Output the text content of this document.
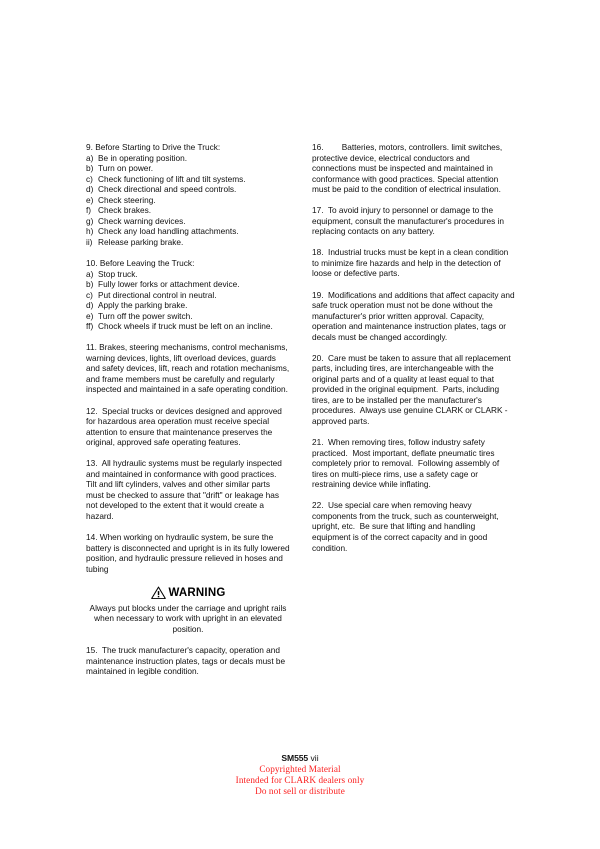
9. Before Starting to Drive the Truck:
a) Be in operating position.
b) Turn on power.
c) Check functioning of lift and tilt systems.
d) Check directional and speed controls.
e) Check steering.
f) Check brakes.
g) Check warning devices.
h) Check any load handling attachments.
ii) Release parking brake.
10. Before Leaving the Truck:
a) Stop truck.
b) Fully lower forks or attachment device.
c) Put directional control in neutral.
d) Apply the parking brake.
e) Turn off the power switch.
ff) Chock wheels if truck must be left on an incline.

11. Brakes, steering mechanisms, control mechanisms, warning devices, lights, lift overload devices, guards and safety devices, lift, reach and rotation mechanisms, and frame members must be carefully and regularly inspected and maintained in a safe operating condition.

12.  Special trucks or devices designed and approved for hazardous area operation must receive special attention to ensure that maintenance preserves the original, approved safe operating features.

13.  All hydraulic systems must be regularly inspected and maintained in conformance with good practices.  Tilt and lift cylinders, valves and other similar parts must be checked to assure that "drift" or leakage has not developed to the extent that it would create a hazard.

14. When working on hydraulic system, be sure the battery is disconnected and upright is in its fully lowered position, and hydraulic pressure relieved in hoses and tubing

WARNING
Always put blocks under the carriage and upright rails when necessary to work with upright in an elevated position.

15.  The truck manufacturer's capacity, operation and maintenance instruction plates, tags or decals must be maintained in legible condition.

16.        Batteries, motors, controllers. limit switches, protective device, electrical conductors and connections must be inspected and maintained in conformance with good practices. Special attention must be paid to the condition of electrical insulation.

17.  To avoid injury to personnel or damage to the equipment, consult the manufacturer's procedures in  replacing contacts on any battery.

18.  Industrial trucks must be kept in a clean condition to minimize fire hazards and help in the detection of loose or defective parts.

19.  Modifications and additions that affect capacity and safe truck operation must not be done without the manufacturer's prior written approval. Capacity, operation and maintenance instruction plates, tags or decals must be changed accordingly.

20.  Care must be taken to assure that all replacement parts, including tires, are interchangeable with the original parts and of a quality at least equal to that provided in the original equipment.  Parts, including tires, are to be installed per the manufacturer's procedures.  Always use genuine CLARK or CLARK - approved parts.

21.  When removing tires, follow industry safety practiced.  Most important, deflate pneumatic tires completely prior to removal.  Following assembly of tires on multi-piece rims, use a safety cage or restraining device while inflating.

22.  Use special care when removing heavy components from the truck, such as counterweight, upright, etc.  Be sure that lifting and handling equipment is of the correct capacity and in good condition.

SM555 vii
Copyrighted Material
Intended for CLARK dealers only
Do not sell or distribute
